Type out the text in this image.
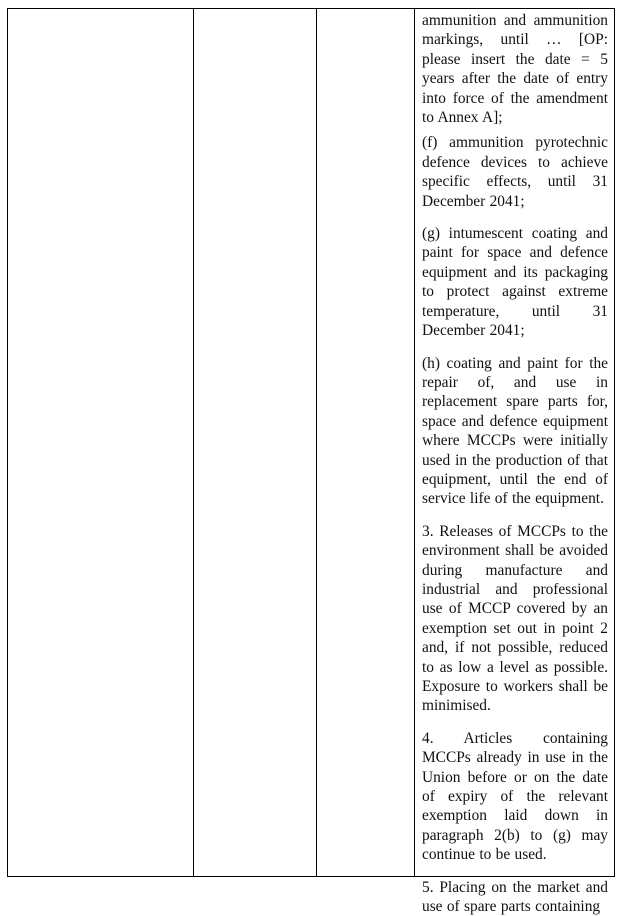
ammunition and ammunition markings, until … [OP: please insert the date = 5 years after the date of entry into force of the amendment to Annex A];

(f) ammunition pyrotechnic defence devices to achieve specific effects, until 31 December 2041;

(g) intumescent coating and paint for space and defence equipment and its packaging to protect against extreme temperature, until 31 December 2041;

(h) coating and paint for the repair of, and use in replacement spare parts for, space and defence equipment where MCCPs were initially used in the production of that equipment, until the end of service life of the equipment.

3. Releases of MCCPs to the environment shall be avoided during manufacture and industrial and professional use of MCCP covered by an exemption set out in point 2 and, if not possible, reduced to as low a level as possible. Exposure to workers shall be minimised.

4. Articles containing MCCPs already in use in the Union before or on the date of expiry of the relevant exemption laid down in paragraph 2(b) to (g) may continue to be used.

5. Placing on the market and use of spare parts containing
